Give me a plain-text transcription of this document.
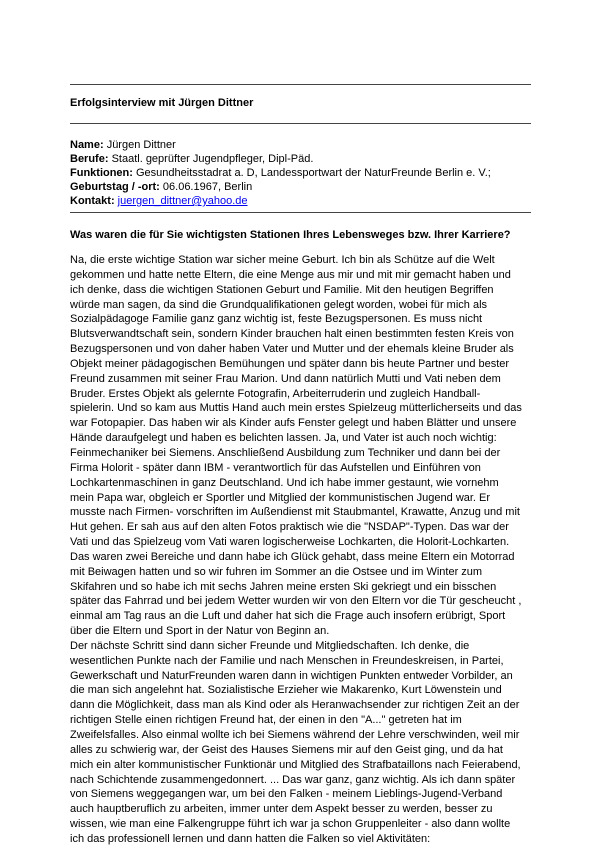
Erfolgsinterview mit Jürgen Dittner
Name: Jürgen Dittner
Berufe: Staatl. geprüfter Jugendpfleger, Dipl-Päd.
Funktionen: Gesundheitsstadrat a. D, Landessportwart der NaturFreunde Berlin e. V.;
Geburtstag / -ort: 06.06.1967, Berlin
Kontakt: juergen_dittner@yahoo.de
Was waren die für Sie wichtigsten Stationen Ihres Lebensweges bzw. Ihrer Karriere?
Na, die erste wichtige Station war sicher meine Geburt. Ich bin als Schütze auf die Welt
gekommen und hatte nette Eltern, die eine Menge aus mir und mit mir gemacht haben und
ich denke, dass die wichtigen Stationen Geburt und Familie. Mit den heutigen Begriffen
würde man sagen, da sind die Grundqualifikationen gelegt worden, wobei für mich als
Sozialpädagoge Familie ganz ganz wichtig ist, feste Bezugspersonen. Es muss nicht
Blutsverwandtschaft sein, sondern Kinder brauchen halt einen bestimmten festen Kreis von
Bezugspersonen und von daher haben Vater und Mutter und der ehemals kleine Bruder als
Objekt meiner pädagogischen Bemühungen und später dann bis heute Partner und bester
Freund zusammen mit seiner Frau Marion. Und dann natürlich Mutti und Vati neben dem
Bruder. Erstes Objekt als gelernte Fotografin, Arbeiterruderin und zugleich Handball-
spielerin. Und so kam aus Muttis Hand auch mein erstes Spielzeug mütterlicherseits und das
war Fotopapier. Das haben wir als Kinder aufs Fenster gelegt und haben Blätter und unsere
Hände daraufgelegt und haben es belichten lassen. Ja, und Vater ist auch noch wichtig:
Feinmechaniker bei Siemens. Anschließend Ausbildung zum Techniker und dann bei der
Firma Holorit - später dann IBM - verantwortlich für das Aufstellen und Einführen von
Lochkartenmaschinen in ganz Deutschland. Und ich habe immer gestaunt, wie vornehm
mein Papa war, obgleich er Sportler und Mitglied der kommunistischen Jugend war. Er
musste nach Firmen- vorschriften im Außendienst mit Staubmantel, Krawatte, Anzug und mit
Hut gehen. Er sah aus auf den alten Fotos praktisch wie die "NSDAP"-Typen. Das war der
Vati und das Spielzeug vom Vati waren logischerweise Lochkarten, die Holorit-Lochkarten.
Das waren zwei Bereiche und dann habe ich Glück gehabt, dass meine Eltern ein Motorrad
mit Beiwagen hatten und so wir fuhren im Sommer an die Ostsee und im Winter zum
Skifahren und so habe ich mit sechs Jahren meine ersten Ski gekriegt und ein bisschen
später das Fahrrad und bei jedem Wetter wurden wir von den Eltern vor die Tür gescheucht ,
einmal am Tag raus an die Luft und daher hat sich die Frage auch insofern erübrigt, Sport
über die Eltern und Sport in der Natur von Beginn an.
Der nächste Schritt sind dann sicher Freunde und Mitgliedschaften. Ich denke, die
wesentlichen Punkte nach der Familie und nach Menschen in Freundeskreisen, in Partei,
Gewerkschaft und NaturFreunden waren dann in wichtigen Punkten entweder Vorbilder, an
die man sich angelehnt hat. Sozialistische Erzieher wie Makarenko, Kurt Löwenstein und
dann die Möglichkeit, dass man als Kind oder als Heranwachsender zur richtigen Zeit an der
richtigen Stelle einen richtigen Freund hat, der einen in den "A..." getreten hat im
Zweifelsfalles. Also einmal wollte ich bei Siemens während der Lehre verschwinden, weil mir
alles zu schwierig war, der Geist des Hauses Siemens mir auf den Geist ging, und da hat
mich ein alter kommunistischer Funktionär und Mitglied des Strafbataillons nach Feierabend,
nach Schichtende zusammengedonnert. ... Das war ganz, ganz wichtig. Als ich dann später
von Siemens weggegangen war, um bei den Falken - meinem Lieblings-Jugend-Verband
auch hauptberuflich zu arbeiten, immer unter dem Aspekt besser zu werden, besser zu
wissen, wie man eine Falkengruppe führt ich war ja schon Gruppenleiter - also dann wollte
ich das professionell lernen und dann hatten die Falken so viel Aktivitäten:
